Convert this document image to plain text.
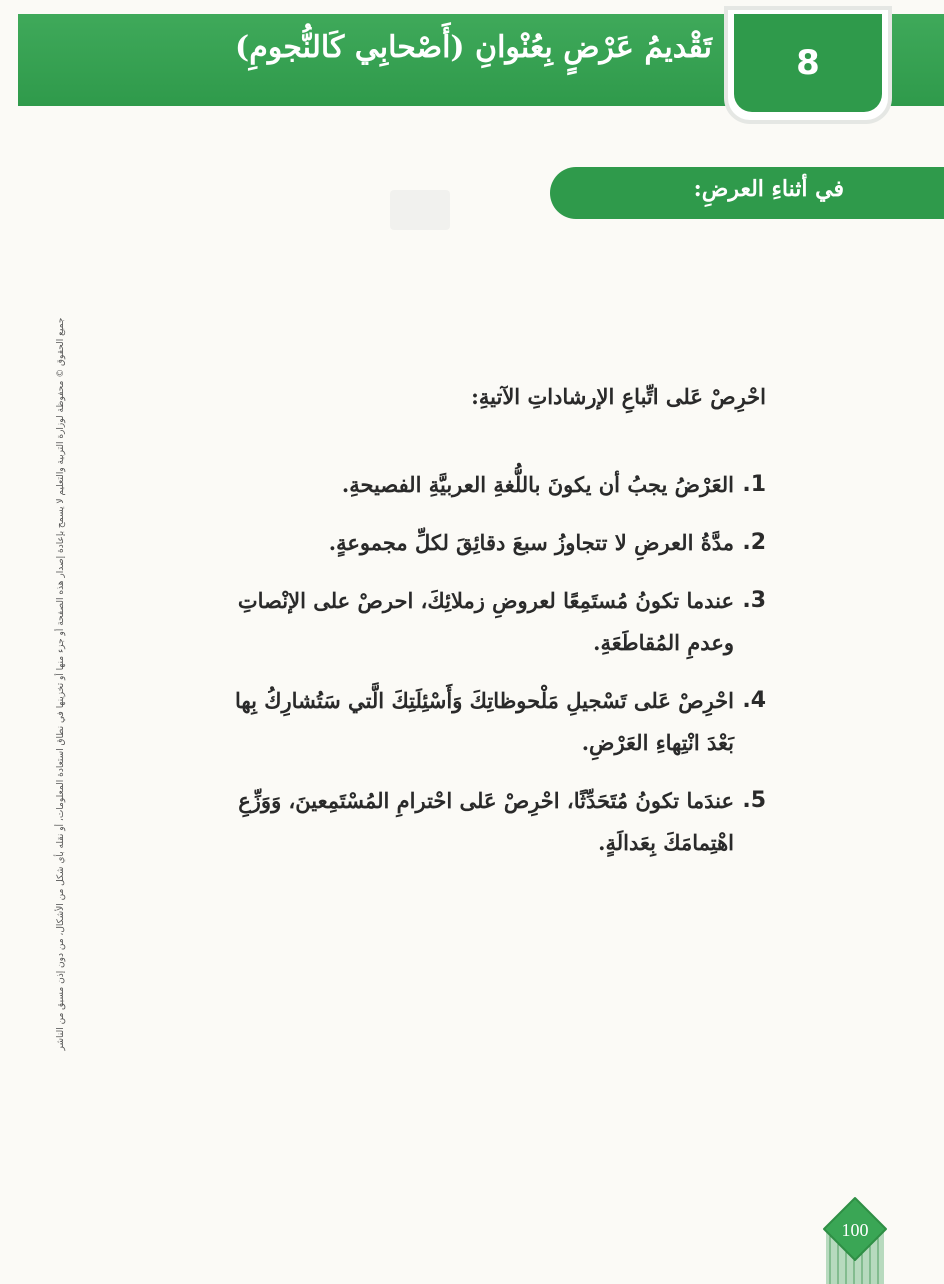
تَقْديمُ عَرْضٍ بِعُنْوانِ (أَصْحابِي كَالنُّجومِ) 8
في أثناءِ العرضِ:
جميع الحقوق © محفوظة لوزارة التربية والتعليم لا يسمح بإعادة إصدار هذه الصفحة أو جزء منها أو تخزينها في نطاق استعادة المعلومات، أو نقله بأي شكل من الأشكال، من دون إذن مسبق من الناشر	احْرِصْ عَلى اتِّباعِ الإرشاداتِ الآتيةِ:
1.
العَرْضُ يجبُ أن يكونَ باللُّغةِ العربيَّةِ الفصيحةِ.
2.
مدَّةُ العرضِ لا تتجاوزُ سبعَ دقائِقَ لكلِّ مجموعةٍ.
3.
عندما تكونُ مُستَمِعًا لعروضِ زملائِكَ، احرصْ على الإنْصاتِ وعدمِ المُقاطَعَةِ.
4.
احْرِصْ عَلى تَسْجيلِ مَلْحوظاتِكَ وَأَسْئِلَتِكَ الَّتي سَتُشارِكُ بِها بَعْدَ انْتِهاءِ العَرْضِ.
5.
عندَما تكونُ مُتَحَدِّثًا، احْرِصْ عَلى احْترامِ المُسْتَمِعينَ، وَوَزِّعِ اهْتِمامَكَ بِعَدالَةٍ.
100
